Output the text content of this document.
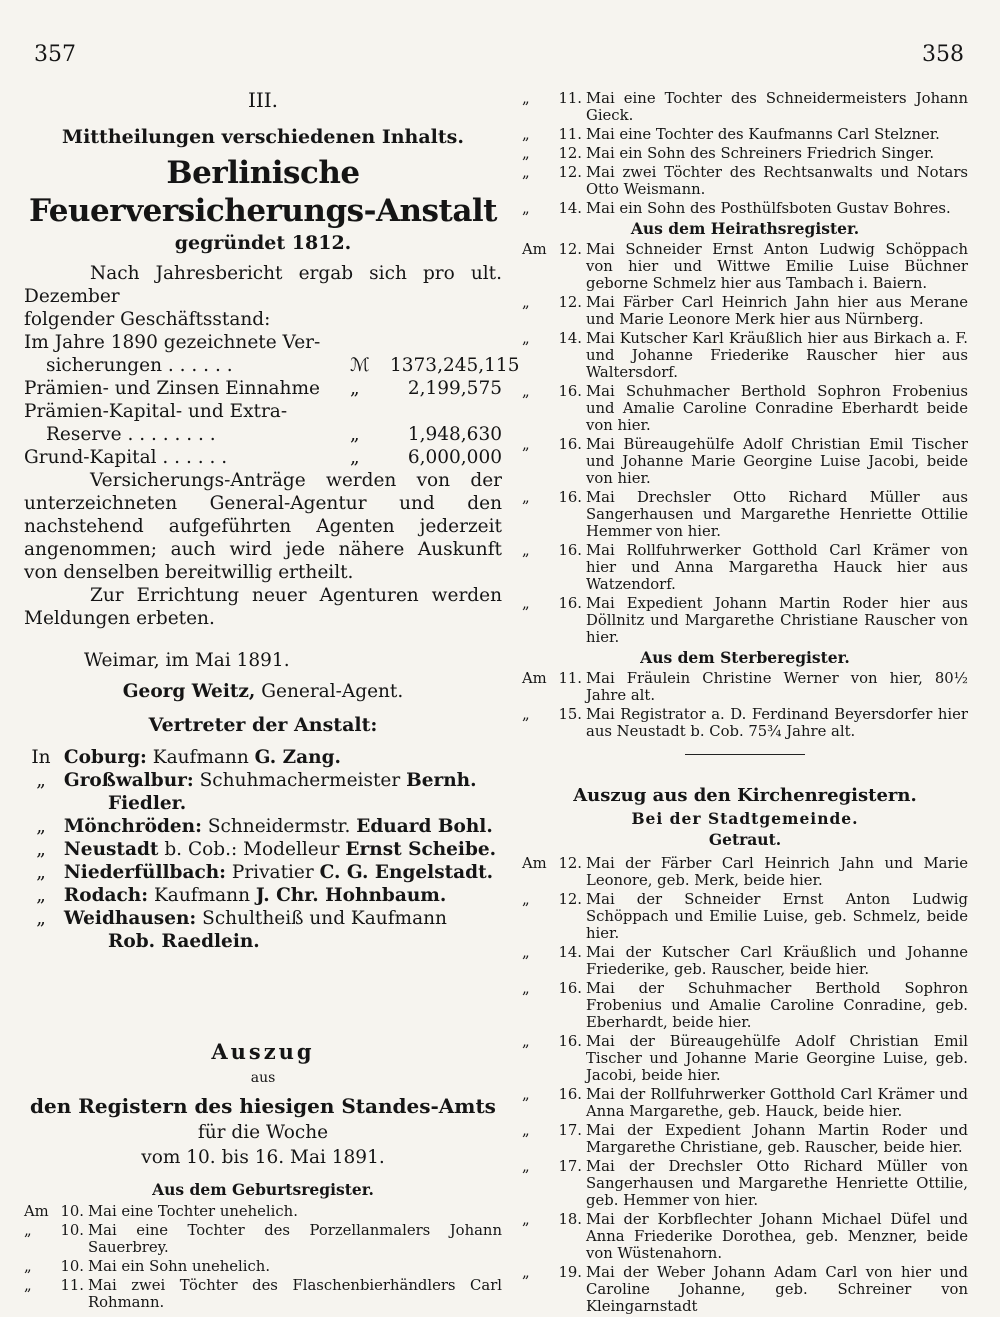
357	358
III.
Mittheilungen verschiedenen Inhalts.
Berlinische Feuerversicherungs-Anstalt
gegründet 1812.

Nach Jahresbericht ergab sich pro ult. Dezember

folgender Geschäftsstand:

Im Jahre 1890 gezeichnete Ver-
sicherungen . . . . . .	ℳ	1373,245,115
Prämien- und Zinsen Einnahme	„	2,199,575
Prämien-Kapital- und Extra-
Reserve . . . . . . . .	„	1,948,630
Grund-Kapital . . . . . .	„	6,000,000

Versicherungs-Anträge werden von der unterzeichneten General-Agentur und den nachstehend aufgeführten Agenten jederzeit angenommen; auch wird jede nähere Auskunft von denselben bereitwillig ertheilt.

Zur Errichtung neuer Agenturen werden Meldungen erbeten.

Weimar, im Mai 1891.
Georg Weitz, General-Agent.
Vertreter der Anstalt:

In Coburg: Kaufmann G. Zang.

„ Großwalbur: Schuhmachermeister Bernh.

Fiedler.

„ Mönchröden: Schneidermstr. Eduard Bohl.

„ Neustadt b. Cob.: Modelleur Ernst Scheibe.

„ Niederfüllbach: Privatier C. G. Engelstadt.

„ Rodach: Kaufmann J. Chr. Hohnbaum.

„ Weidhausen: Schultheiß und Kaufmann

Rob. Raedlein.

Auszug
aus
den Registern des hiesigen Standes-Amts
für die Woche
vom 10. bis 16. Mai 1891.
Aus dem Geburtsregister.
Am 10. Mai eine Tochter unehelich.
„	10. Mai eine Tochter des Porzellanmalers Johann Sauerbrey.
„	10. Mai ein Sohn unehelich.
„	11. Mai zwei Töchter des Flaschenbierhändlers Carl Rohmann.
„	11. Mai eine Tochter des Schneidermeisters Johann Gieck.
„	11. Mai eine Tochter des Kaufmanns Carl Stelzner.
„	12. Mai ein Sohn des Schreiners Friedrich Singer.
„	12. Mai zwei Töchter des Rechtsanwalts und Notars Otto Weismann.
„	14. Mai ein Sohn des Posthülfsboten Gustav Bohres.
Aus dem Heirathsregister.
Am 12. Mai Schneider Ernst Anton Ludwig Schöppach von hier und Wittwe Emilie Luise Büchner geborne Schmelz hier aus Tambach i. Baiern.
„	12. Mai Färber Carl Heinrich Jahn hier aus Merane und Marie Leonore Merk hier aus Nürnberg.
„	14. Mai Kutscher Karl Kräußlich hier aus Birkach a. F. und Johanne Friederike Rauscher hier aus Waltersdorf.
„	16. Mai Schuhmacher Berthold Sophron Frobenius und Amalie Caroline Conradine Eberhardt beide von hier.
„	16. Mai Büreaugehülfe Adolf Christian Emil Tischer und Johanne Marie Georgine Luise Jacobi, beide von hier.
„	16. Mai Drechsler Otto Richard Müller aus Sangerhausen und Margarethe Henriette Ottilie Hemmer von hier.
„	16. Mai Rollfuhrwerker Gotthold Carl Krämer von hier und Anna Margaretha Hauck hier aus Watzendorf.
„	16. Mai Expedient Johann Martin Roder hier aus Döllnitz und Margarethe Christiane Rauscher von hier.
Aus dem Sterberegister.
Am 11. Mai Fräulein Christine Werner von hier, 80½ Jahre alt.
„	15. Mai Registrator a. D. Ferdinand Beyersdorfer hier aus Neustadt b. Cob. 75¾ Jahre alt.
Auszug aus den Kirchenregistern.
Bei der Stadtgemeinde.
Getraut.
Am 12. Mai der Färber Carl Heinrich Jahn und Marie Leonore, geb. Merk, beide hier.
„	12. Mai der Schneider Ernst Anton Ludwig Schöppach und Emilie Luise, geb. Schmelz, beide hier.
„	14. Mai der Kutscher Carl Kräußlich und Johanne Friederike, geb. Rauscher, beide hier.
„	16. Mai der Schuhmacher Berthold Sophron Frobenius und Amalie Caroline Conradine, geb. Eberhardt, beide hier.
„	16. Mai der Büreaugehülfe Adolf Christian Emil Tischer und Johanne Marie Georgine Luise, geb. Jacobi, beide hier.
„	16. Mai der Rollfuhrwerker Gotthold Carl Krämer und Anna Margarethe, geb. Hauck, beide hier.
„	17. Mai der Expedient Johann Martin Roder und Margarethe Christiane, geb. Rauscher, beide hier.
„	17. Mai der Drechsler Otto Richard Müller von Sangerhausen und Margarethe Henriette Ottilie, geb. Hemmer von hier.
„	18. Mai der Korbflechter Johann Michael Düfel und Anna Friederike Dorothea, geb. Menzner, beide von Wüstenahorn.
„	19. Mai der Weber Johann Adam Carl von hier und Caroline Johanne, geb. Schreiner von Kleingarnstadt
